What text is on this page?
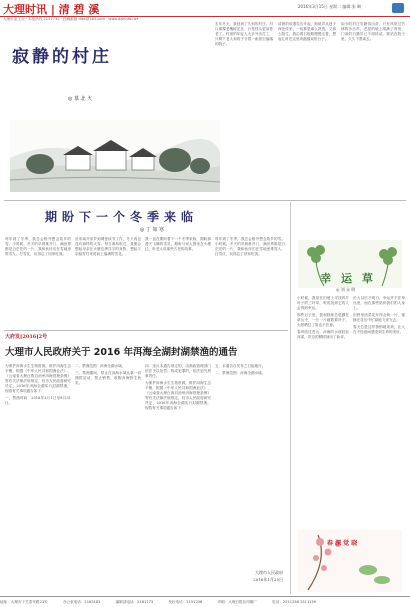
大理时讯 | 清 碧 溪	2016年3月15日 星期二 编辑:张 琳
大理市委主办 · 本报热线 2121732 · 投稿邮箱 dlsx@163.com · www.daliinfo.net
寂静的村庄
◎ 慕 北 火

去年冬天，我回到了久别的村庄。村口那棵老槐树还在，只是枝头更加苍老了。村里的年轻人大多外出打工，只剩下老人和孩子守着一座座空落落的院子。

清晨的炊烟袅袅升起，狗吠声从巷子深处传来，一切都是那么熟悉，又那么陌生。我沿着石板路慢慢走着，想起儿时在这里奔跑嬉戏的日子。

如今的村庄安静得出奇，只有风吹过竹林的沙沙声。老屋的墙上爬满了青苔，门前的石磨早已不再转动。我站在院子里，久久不愿离去。

期盼下一个冬季来临
◎ 丁 如 寒

每年到了冬季，我总会格外想念故乡的雪。小时候，冬天的早晨推开门，满世界都是白茫茫的一片，我和伙伴们在雪地里堆雪人、打雪仗，玩得忘了回家吃饭。

后来离开家乡到城里读书工作，冬天再也没有那样的大雪。每当寒风吹过，我便会想起母亲在火塘边烤洋芋的身影，想起父亲踏雪归来时肩上落满的雪花。

我一直在期盼着下一个冬季来临，期盼那漫天飞舞的雪花，期盼与家人围坐在火塘边，听老人讲那些古老的故事。

每年到了冬季，我总会格外想念故乡的雪。小时候，冬天的早晨推开门，满世界都是白茫茫的一片，我和伙伴们在雪地里堆雪人、打雪仗，玩得忘了回家吃饭。

幸 运 草
◎ 刘 永 明

小时候，我常在田埂上寻找四片叶子的三叶草，听说找到它的人会得到幸运。

那些日子里，我和妹妹总是蹲在草丛中，一片一片地数着叶子，太阳晒红了脸也不在意。

春风吹过苍山，洱海的水波轻轻荡漾，岸边的柳树抽出了新芽。

长大以后才明白，幸运并不在草丛里，而在那些陪伴我们的人身上。

田野里油菜花开得金黄一片，蜜蜂在花丛中忙碌地飞来飞去。

春天总是这样悄悄地来到，让人在不经意间感受到生命的美好。

春 深 觉 晓
大府发[2016]2号
大理市人民政府关于 2016 年洱海全湖封湖禁渔的通告

为保护洱海水生生物资源，维护洱海生态平衡，根据《中华人民共和国渔业法》、《云南省大理白族自治州洱海管理条例》等有关法律法规规定，经市人民政府研究决定，2016年洱海全湖实行封湖禁渔，现将有关事项通告如下：

一、禁渔时间：2016年2月1日至8月31日。

二、禁渔范围：洱海全湖水域。

三、禁渔期间，禁止在洱海水域从事一切捕捞活动，禁止销售、收购洱海野生鱼类。

四、违反本通告规定的，由渔政管理部门依法予以处罚；构成犯罪的，依法追究刑事责任。

为保护洱海水生生物资源，维护洱海生态平衡，根据《中华人民共和国渔业法》、《云南省大理白族自治州洱海管理条例》等有关法律法规规定，经市人民政府研究决定，2016年洱海全湖实行封湖禁渔，现将有关事项通告如下：

五、本通告自发布之日起施行。

二、禁渔范围：洱海全湖水域。

大理市人民政府
2016年1月25日
地址：大理市下关泰安路23号	办公室电话：2163183	编辑部电话：2181773	发行电话：2151258	印刷：大理日报社印刷厂	电话：2511258 2511259
